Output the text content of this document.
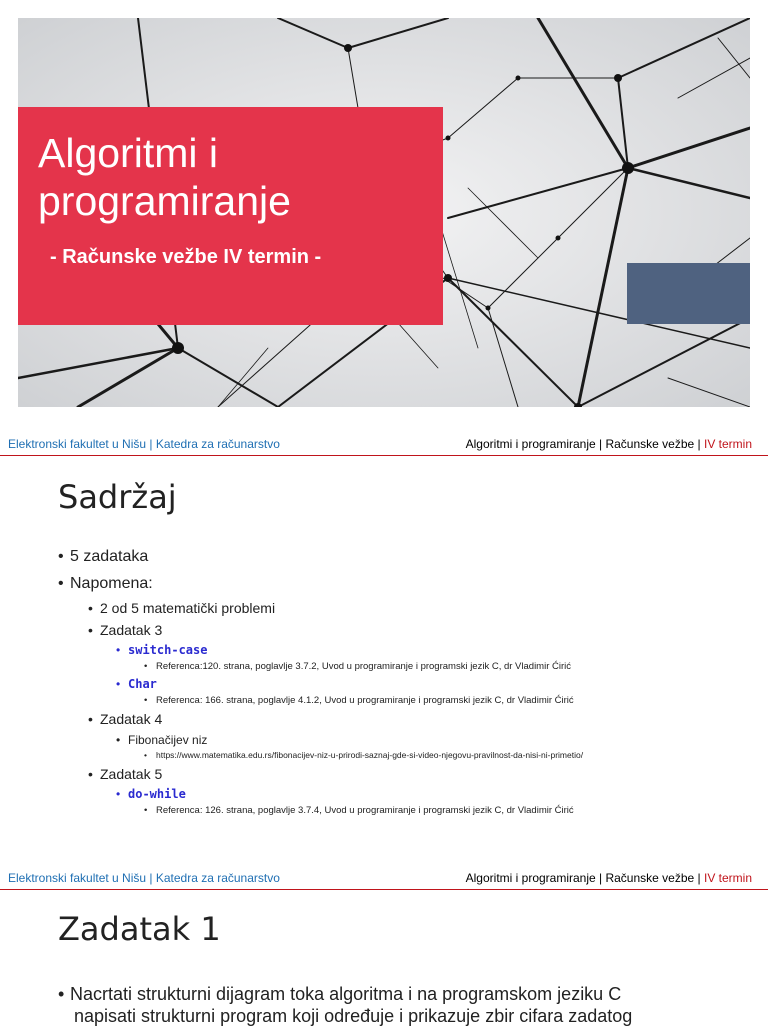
Algoritmi i
programiranje
- Računske vežbe IV termin -
Elektronski fakultet u Nišu | Katedra za računarstvo	Algoritmi i programiranje | Računske vežbe | IV termin
Sadržaj
• 5 zadataka
• Napomena:
• 2 od 5 matematički problemi
• Zadatak 3
• switch-case
• Referenca:120. strana, poglavlje 3.7.2, Uvod u programiranje i programski jezik C, dr Vladimir Ćirić
• Char
• Referenca: 166. strana, poglavlje 4.1.2, Uvod u programiranje i programski jezik C, dr Vladimir Ćirić
• Zadatak 4
• Fibonačijev niz
• https://www.matematika.edu.rs/fibonacijev-niz-u-prirodi-saznaj-gde-si-video-njegovu-pravilnost-da-nisi-ni-primetio/
• Zadatak 5
• do-while
• Referenca: 126. strana, poglavlje 3.7.4, Uvod u programiranje i programski jezik C, dr Vladimir Ćirić
Elektronski fakultet u Nišu | Katedra za računarstvo	Algoritmi i programiranje | Računske vežbe | IV termin
Zadatak 1
• Nacrtati strukturni dijagram toka algoritma i na programskom jeziku C
napisati strukturni program koji određuje i prikazuje zbir cifara zadatog
